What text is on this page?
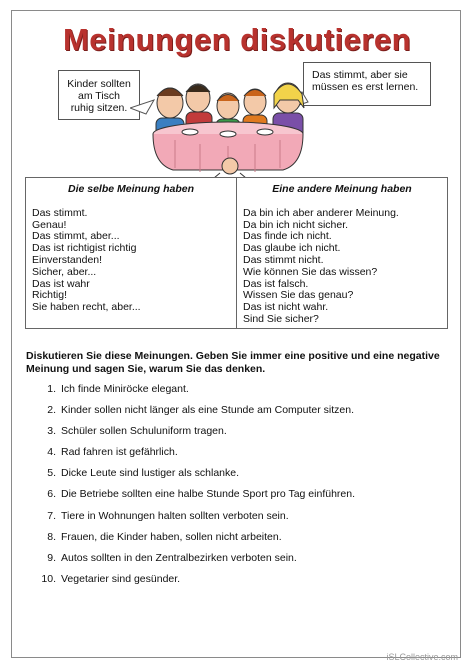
Meinungen diskutieren
Kinder sollten am Tisch ruhig sitzen.
Das stimmt, aber sie müssen es erst lernen.
Die selbe Meinung haben
Das stimmt.
Genau!
Das stimmt, aber...
Das ist richtigist richtig
Einverstanden!
Sicher, aber...
Das ist wahr
Richtig!
Sie haben recht, aber...
Eine andere Meinung haben
Da bin ich aber anderer Meinung.
Da bin ich nicht sicher.
Das finde ich nicht.
Das glaube ich nicht.
Das stimmt nicht.
Wie können Sie das wissen?
Das ist falsch.
Wissen Sie das genau?
Das ist nicht wahr.
Sind Sie sicher?
Diskutieren Sie diese Meinungen. Geben Sie immer eine positive und eine negative Meinung und sagen Sie, warum Sie das denken.
1. Ich finde Miniröcke elegant.
2. Kinder sollen nicht länger als eine Stunde am Computer sitzen.
3. Schüler sollen Schuluniform tragen.
4. Rad fahren ist gefährlich.
5. Dicke Leute sind lustiger als schlanke.
6. Die Betriebe sollten eine halbe Stunde Sport pro Tag einführen.
7. Tiere in Wohnungen halten sollten verboten sein.
8. Frauen, die Kinder haben, sollen nicht arbeiten.
9. Autos sollten in den Zentralbezirken verboten sein.
10. Vegetarier sind gesünder.
iSLCollective.com
